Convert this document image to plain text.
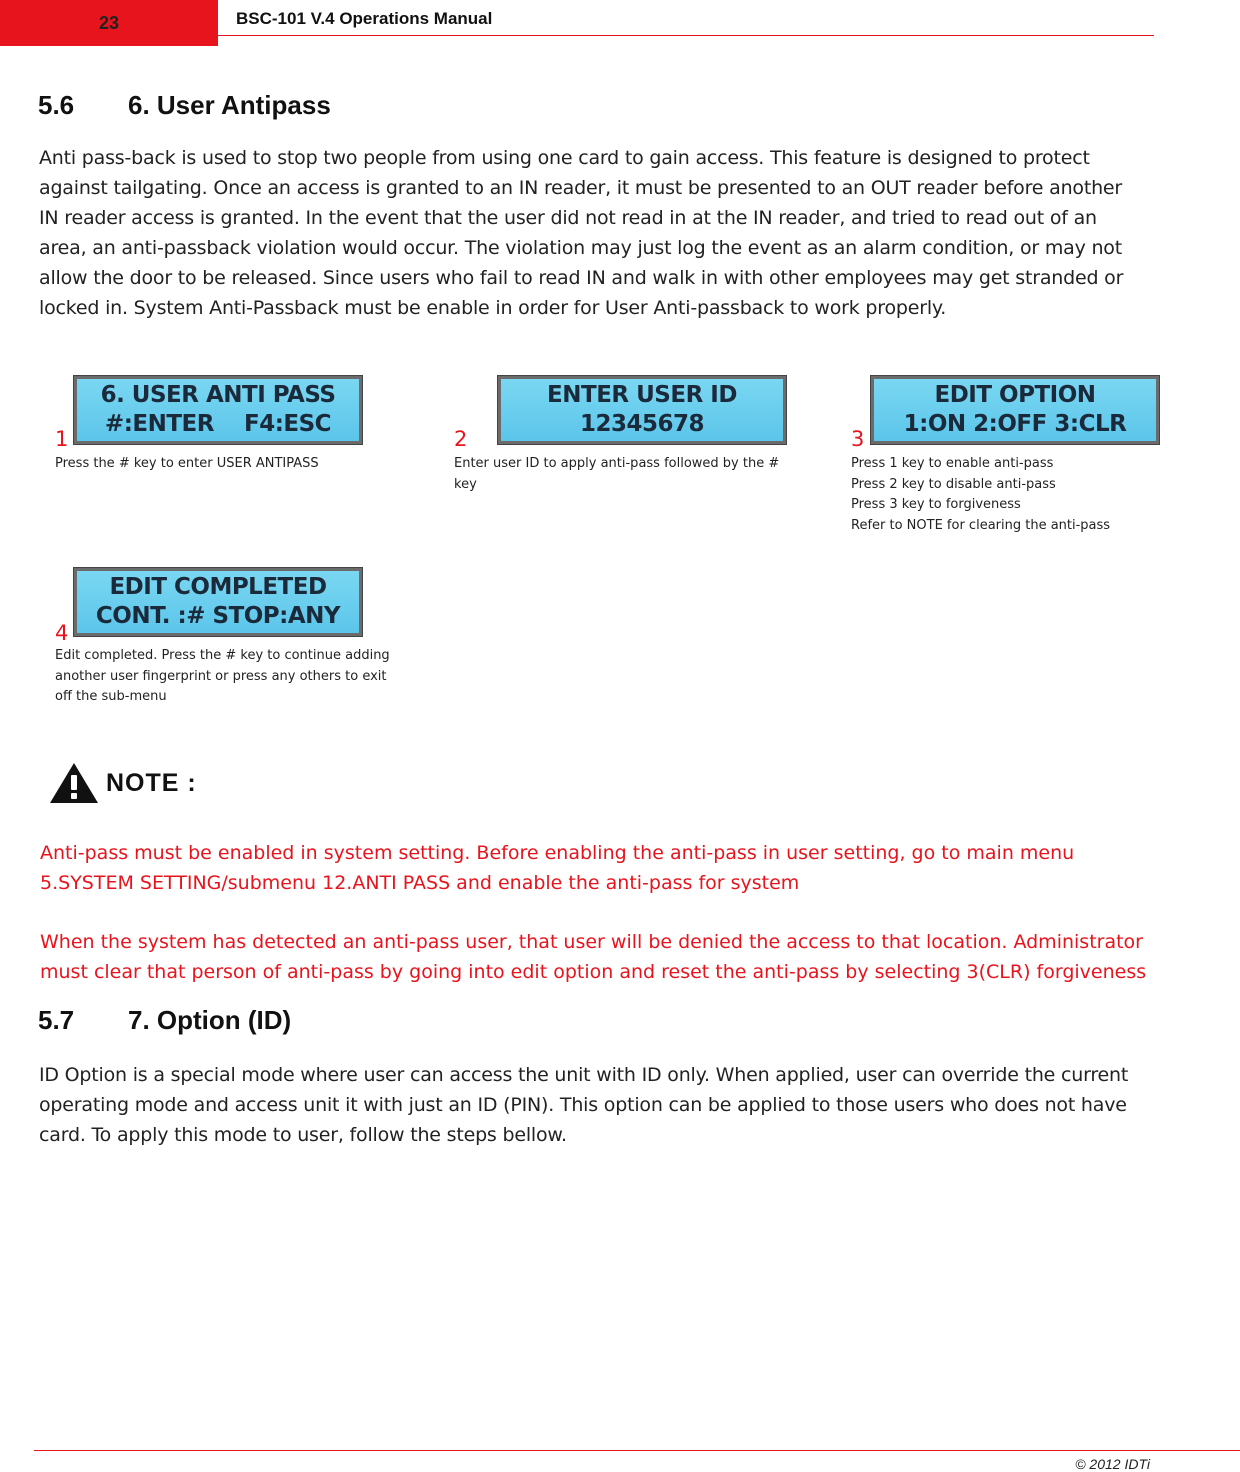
23	BSC-101 V.4 Operations Manual
5.6 6. User Antipass
Anti pass-back is used to stop two people from using one card to gain access. This feature is designed to protect
against tailgating. Once an access is granted to an IN reader, it must be presented to an OUT reader before another
IN reader access is granted. In the event that the user did not read in at the IN reader, and tried to read out of an
area, an anti-passback violation would occur. The violation may just log the event as an alarm condition, or may not
allow the door to be released. Since users who fail to read IN and walk in with other employees may get stranded or
locked in. System Anti-Passback must be enable in order for User Anti-passback to work properly.
1
6. USER ANTI PASS
#:ENTER    F4:ESC
Press the # key to enter USER ANTIPASS
2
ENTER USER ID
12345678
Enter user ID to apply anti-pass followed by the #
key
3
EDIT OPTION
1:ON 2:OFF 3:CLR
Press 1 key to enable anti-pass
Press 2 key to disable anti-pass
Press 3 key to forgiveness
Refer to NOTE for clearing the anti-pass
4
EDIT COMPLETED
CONT. :# STOP:ANY
Edit completed. Press the # key to continue adding
another user fingerprint or press any others to exit
off the sub-menu
NOTE :
Anti-pass must be enabled in system setting. Before enabling the anti-pass in user setting, go to main menu
5.SYSTEM SETTING/submenu 12.ANTI PASS and enable the anti-pass for system
When the system has detected an anti-pass user, that user will be denied the access to that location. Administrator
must clear that person of anti-pass by going into edit option and reset the anti-pass by selecting 3(CLR) forgiveness
5.7 7. Option (ID)
ID Option is a special mode where user can access the unit with ID only. When applied, user can override the current
operating mode and access unit it with just an ID (PIN). This option can be applied to those users who does not have
card. To apply this mode to user, follow the steps bellow.
© 2012 IDTi
